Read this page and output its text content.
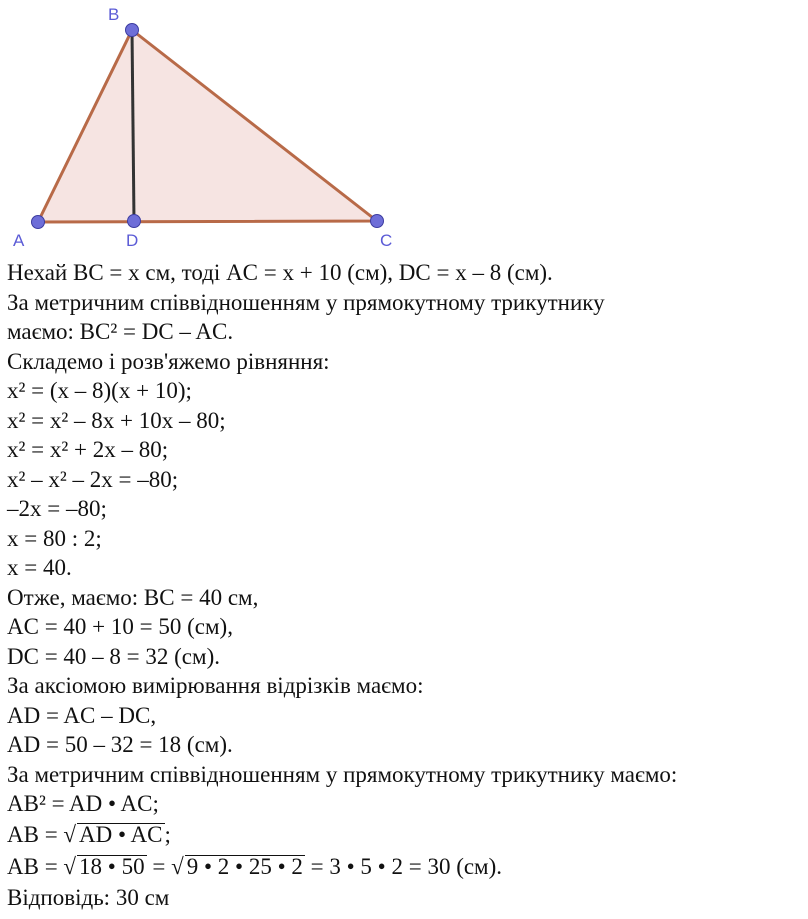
B
A	D	C
Нехай BC = x см, тоді AC = x + 10 (см), DC = x – 8 (см).
За метричним співвідношенням у прямокутному трикутнику
маємо: BC² = DC – AC.
Складемо і розв'яжемо рівняння:
x² = (x – 8)(x + 10);
x² = x² – 8x + 10x – 80;
x² = x² + 2x – 80;
x² – x² – 2x = –80;
–2x = –80;
x = 80 : 2;
x = 40.
Отже, маємо: BC = 40 см,
AC = 40 + 10 = 50 (см),
DC = 40 – 8 = 32 (см).
За аксіомою вимірювання відрізків маємо:
AD = AC – DC,
AD = 50 – 32 = 18 (см).
За метричним співвідношенням у прямокутному трикутнику маємо:
AB² = AD • AC;
AB = √ AD • AC;
AB = √ 18 • 50 = √ 9 • 2 • 25 • 2 = 3 • 5 • 2 = 30 (см).
Відповідь: 30 см
